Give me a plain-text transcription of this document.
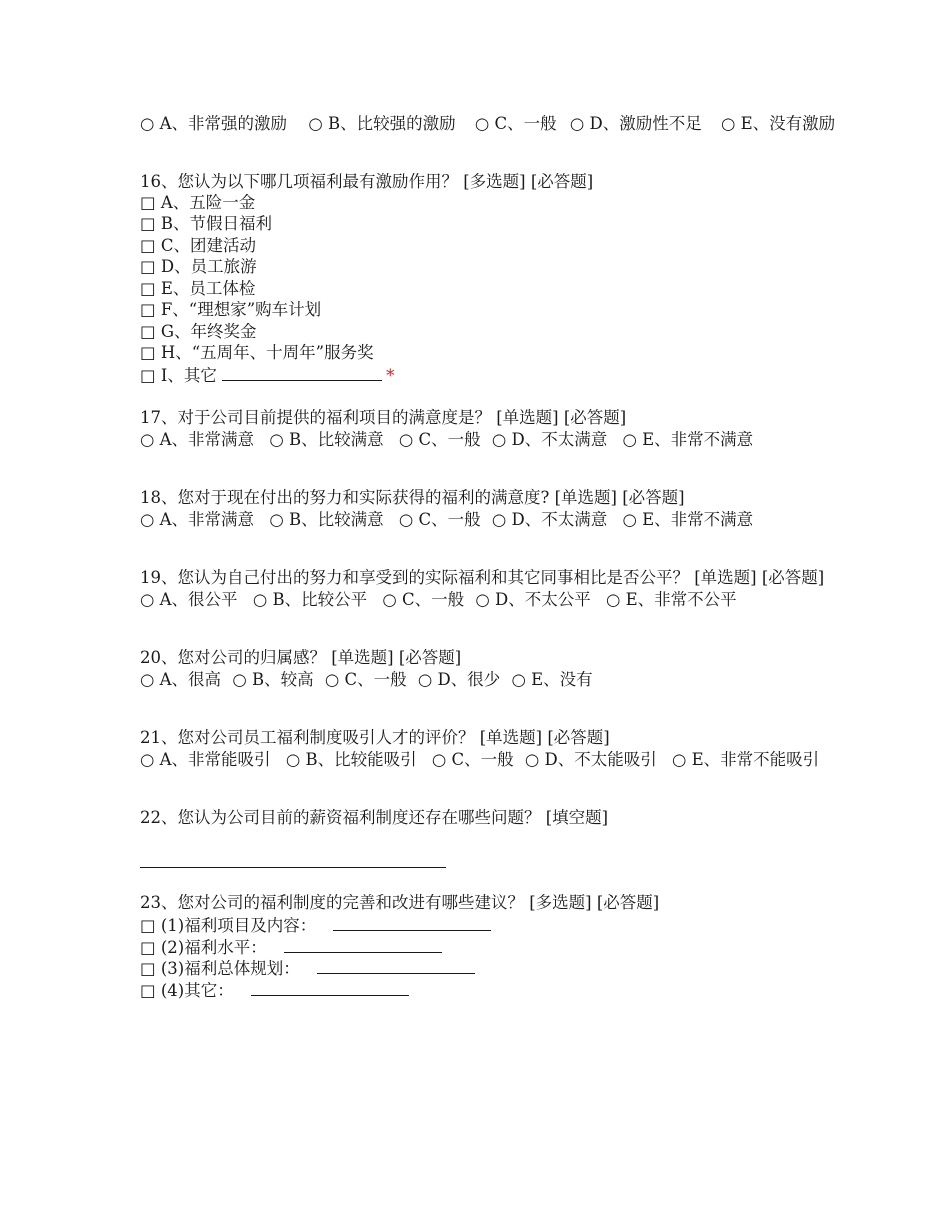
○ A、非常强的激励 ○ B、比较强的激励 ○ C、一般 ○ D、激励性不足 ○ E、没有激励
16、您认为以下哪几项福利最有激励作用？ [多选题] [必答题]
□ A、五险一金
□ B、节假日福利
□ C、团建活动
□ D、员工旅游
□ E、员工体检
□ F、“理想家”购车计划
□ G、年终奖金
□ H、“五周年、十周年”服务奖
□ I、其它	*
17、对于公司目前提供的福利项目的满意度是？ [单选题] [必答题]
○ A、非常满意 ○ B、比较满意 ○ C、一般 ○ D、不太满意 ○ E、非常不满意
18、您对于现在付出的努力和实际获得的福利的满意度? [单选题] [必答题]
○ A、非常满意 ○ B、比较满意 ○ C、一般 ○ D、不太满意 ○ E、非常不满意
19、您认为自己付出的努力和享受到的实际福利和其它同事相比是否公平？ [单选题] [必答题]
○ A、很公平 ○ B、比较公平 ○ C、一般 ○ D、不太公平 ○ E、非常不公平
20、您对公司的归属感？ [单选题] [必答题]
○ A、很高 ○ B、较高 ○ C、一般 ○ D、很少 ○ E、没有
21、您对公司员工福利制度吸引人才的评价？ [单选题] [必答题]
○ A、非常能吸引 ○ B、比较能吸引 ○ C、一般 ○ D、不太能吸引 ○ E、非常不能吸引
22、您认为公司目前的薪资福利制度还存在哪些问题？ [填空题]
23、您对公司的福利制度的完善和改进有哪些建议？ [多选题] [必答题]
□ (1)福利项目及内容：
□ (2)福利水平：
□ (3)福利总体规划：
□ (4)其它：
